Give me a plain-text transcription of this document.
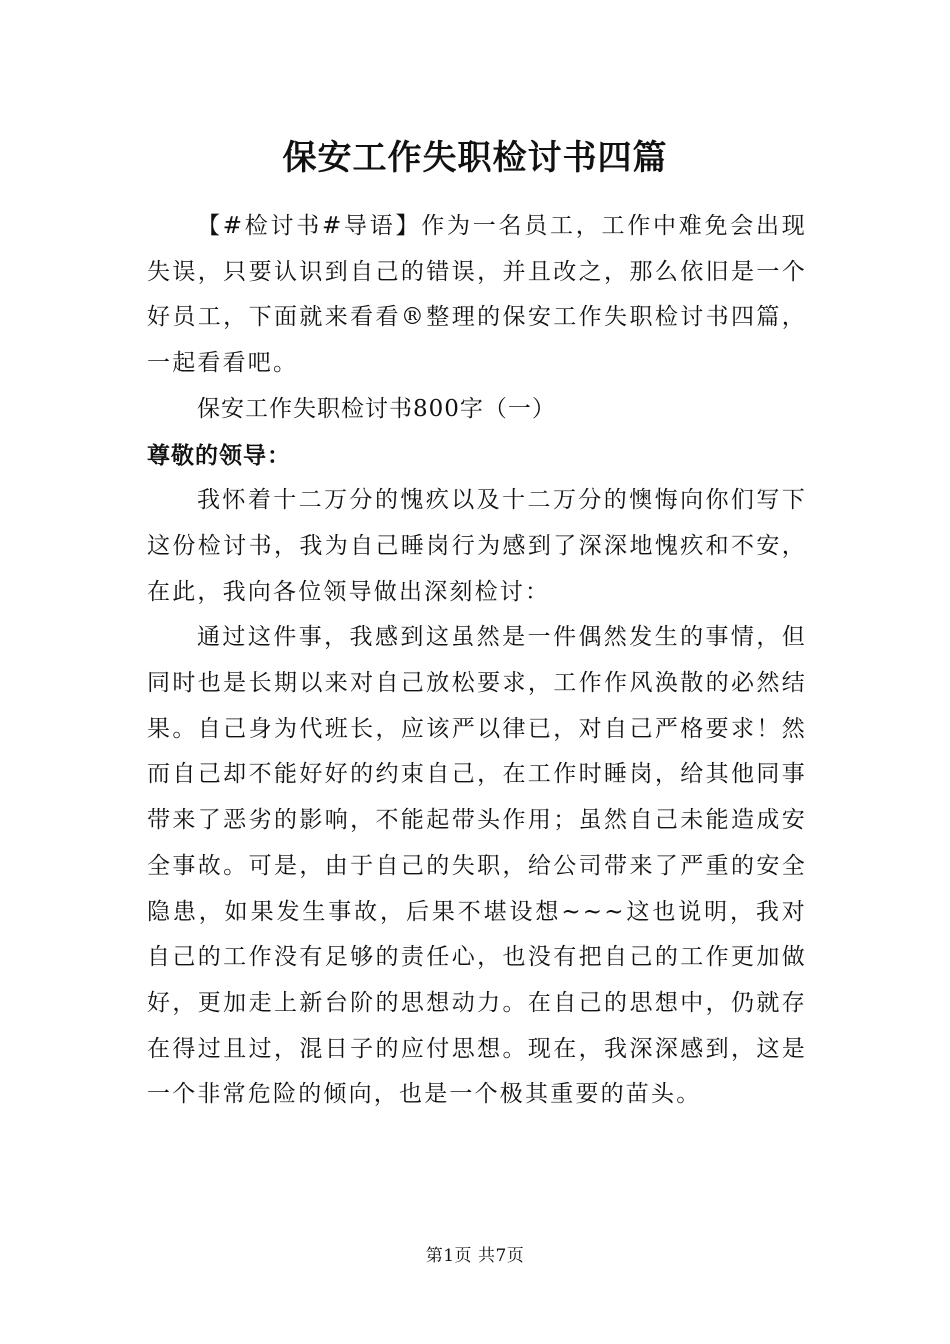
保安工作失职检讨书四篇

【#检讨书#导语】作为一名员工，工作中难免会出现失误，只要认识到自己的错误，并且改之，那么依旧是一个好员工，下面就来看看®整理的保安工作失职检讨书四篇，一起看看吧。

保安工作失职检讨书800字（一）

尊敬的领导：

我怀着十二万分的愧疚以及十二万分的懊悔向你们写下这份检讨书，我为自己睡岗行为感到了深深地愧疚和不安，在此，我向各位领导做出深刻检讨：

通过这件事，我感到这虽然是一件偶然发生的事情，但同时也是长期以来对自己放松要求，工作作风涣散的必然结果。自己身为代班长，应该严以律已，对自己严格要求！然而自己却不能好好的约束自己，在工作时睡岗，给其他同事带来了恶劣的影响，不能起带头作用；虽然自己未能造成安全事故。可是，由于自己的失职，给公司带来了严重的安全隐患，如果发生事故，后果不堪设想~~~这也说明，我对自己的工作没有足够的责任心，也没有把自己的工作更加做好，更加走上新台阶的思想动力。在自己的思想中，仍就存在得过且过，混日子的应付思想。现在，我深深感到，这是一个非常危险的倾向，也是一个极其重要的苗头。

第1页 共7页
